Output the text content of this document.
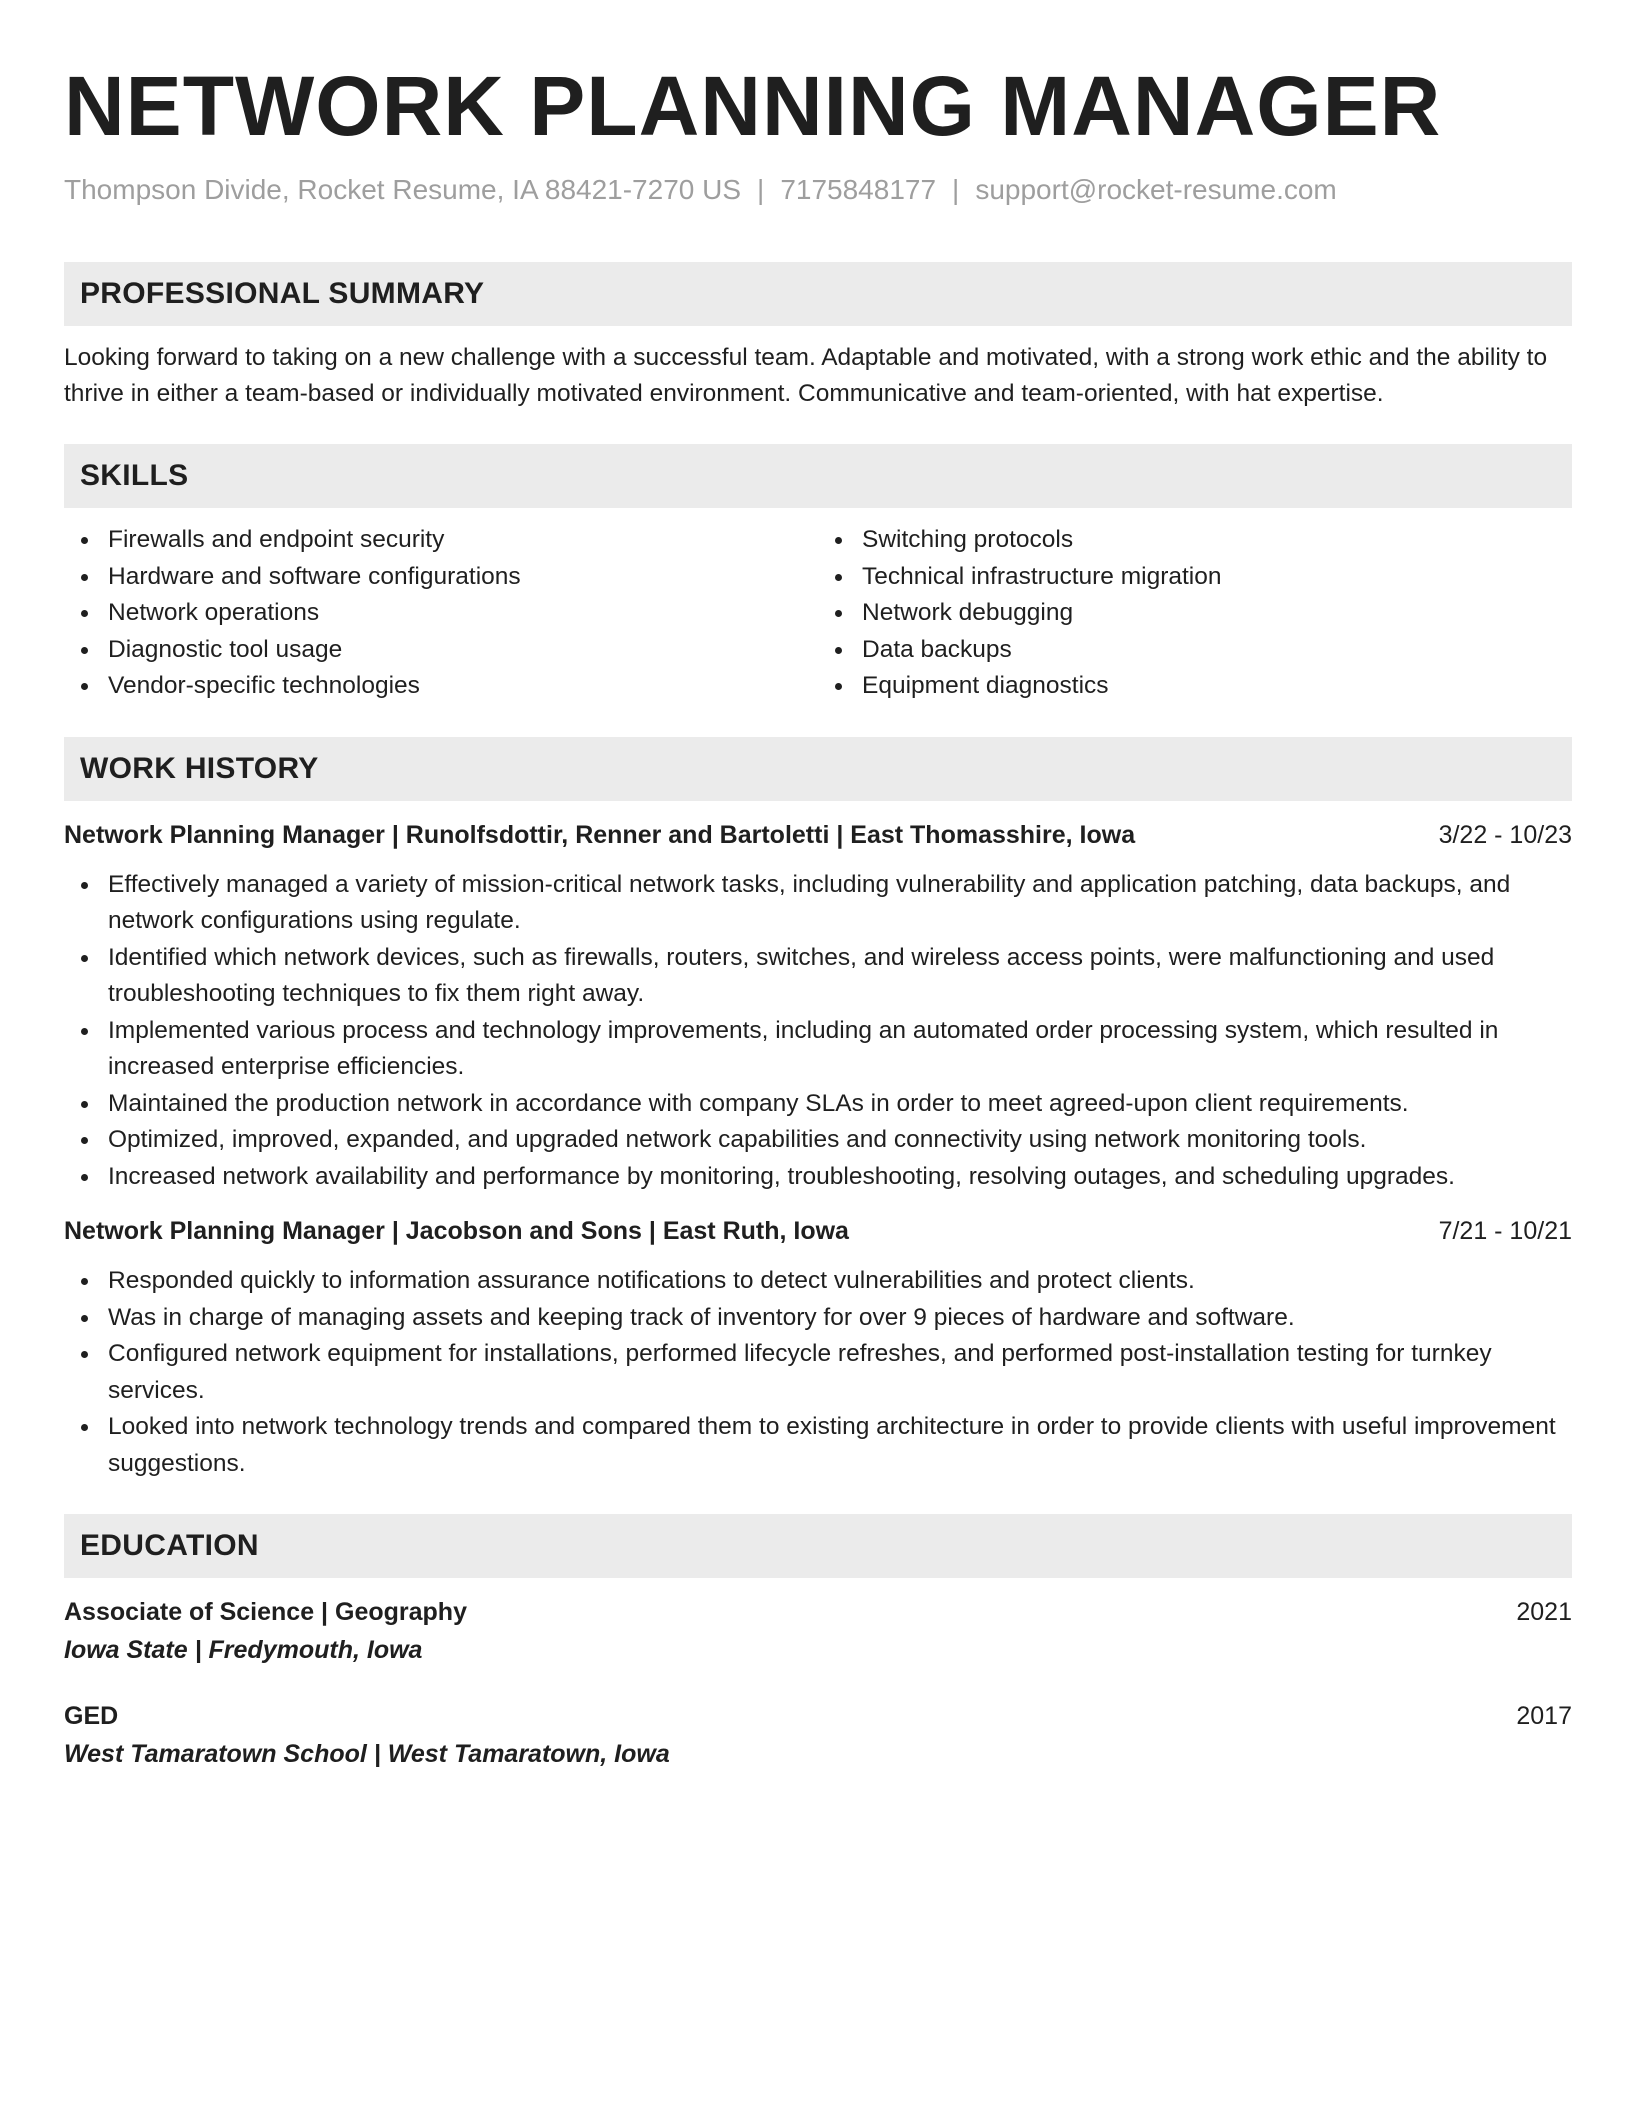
NETWORK PLANNING MANAGER
Thompson Divide, Rocket Resume, IA 88421-7270 US | 7175848177 | support@rocket-resume.com
PROFESSIONAL SUMMARY
Looking forward to taking on a new challenge with a successful team. Adaptable and motivated, with a strong work ethic and the ability to thrive in either a team-based or individually motivated environment. Communicative and team-oriented, with hat expertise.
SKILLS
Firewalls and endpoint security
Hardware and software configurations
Network operations
Diagnostic tool usage
Vendor-specific technologies
Switching protocols
Technical infrastructure migration
Network debugging
Data backups
Equipment diagnostics
WORK HISTORY
Network Planning Manager | Runolfsdottir, Renner and Bartoletti | East Thomasshire, Iowa	3/22 - 10/23
Effectively managed a variety of mission-critical network tasks, including vulnerability and application patching, data backups, and network configurations using regulate.
Identified which network devices, such as firewalls, routers, switches, and wireless access points, were malfunctioning and used troubleshooting techniques to fix them right away.
Implemented various process and technology improvements, including an automated order processing system, which resulted in increased enterprise efficiencies.
Maintained the production network in accordance with company SLAs in order to meet agreed-upon client requirements.
Optimized, improved, expanded, and upgraded network capabilities and connectivity using network monitoring tools.
Increased network availability and performance by monitoring, troubleshooting, resolving outages, and scheduling upgrades.
Network Planning Manager | Jacobson and Sons | East Ruth, Iowa	7/21 - 10/21
Responded quickly to information assurance notifications to detect vulnerabilities and protect clients.
Was in charge of managing assets and keeping track of inventory for over 9 pieces of hardware and software.
Configured network equipment for installations, performed lifecycle refreshes, and performed post-installation testing for turnkey services.
Looked into network technology trends and compared them to existing architecture in order to provide clients with useful improvement suggestions.
EDUCATION
Associate of Science | Geography	2021
Iowa State | Fredymouth, Iowa
GED	2017
West Tamaratown School | West Tamaratown, Iowa
